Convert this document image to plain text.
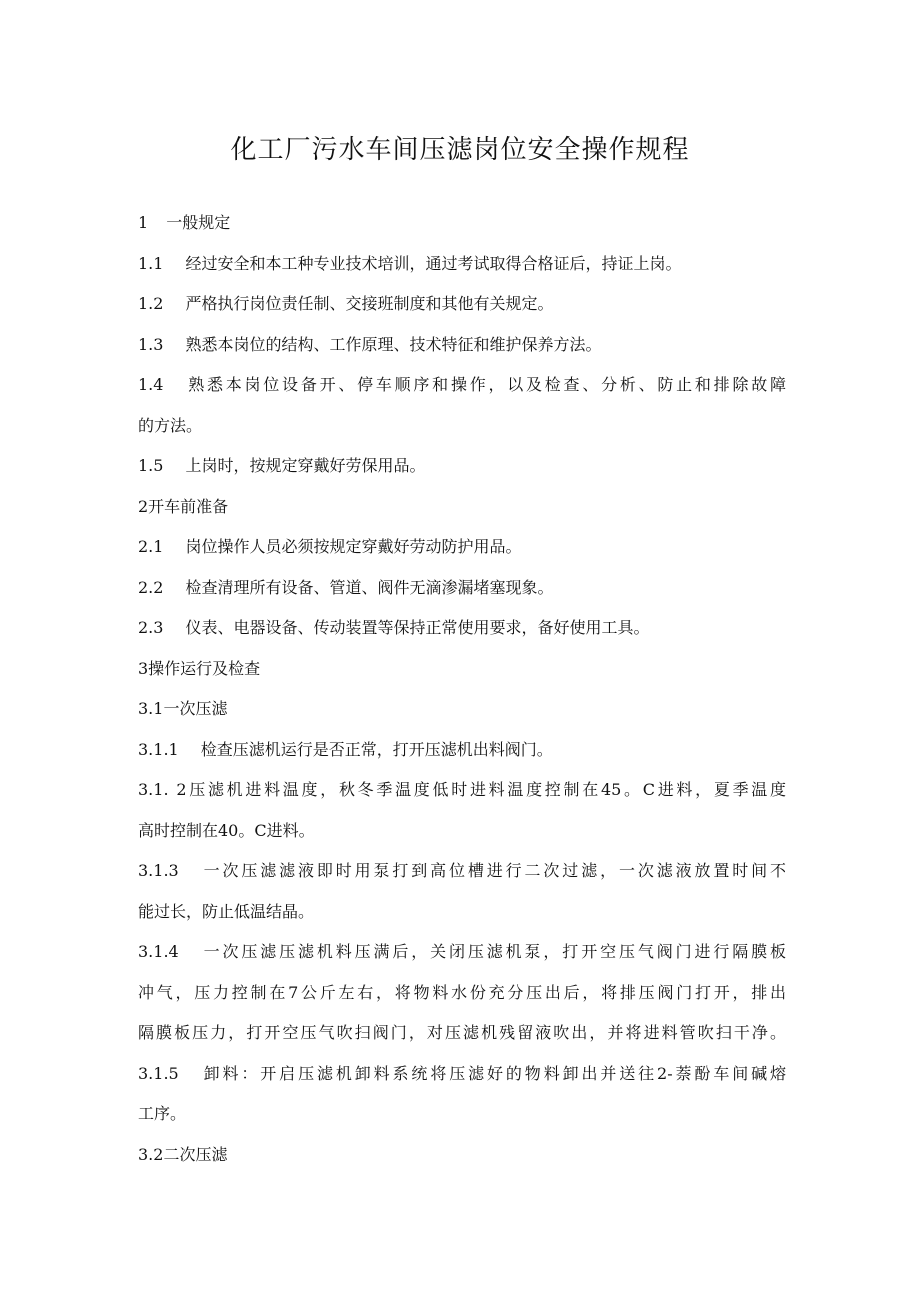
化工厂污水车间压滤岗位安全操作规程
1 一般规定
1.1 经过安全和本工种专业技术培训，通过考试取得合格证后，持证上岗。
1.2 严格执行岗位责任制、交接班制度和其他有关规定。
1.3 熟悉本岗位的结构、工作原理、技术特征和维护保养方法。
1.4 熟悉本岗位设备开、停车顺序和操作，以及检查、分析、防止和排除故障
的方法。
1.5 上岗时，按规定穿戴好劳保用品。
2开车前准备
2.1 岗位操作人员必须按规定穿戴好劳动防护用品。
2.2 检查清理所有设备、管道、阀件无滴渗漏堵塞现象。
2.3 仪表、电器设备、传动装置等保持正常使用要求，备好使用工具。
3操作运行及检查
3.1一次压滤
3.1.1 检查压滤机运行是否正常，打开压滤机出料阀门。
3.1. 2压滤机进料温度，秋冬季温度低时进料温度控制在45。C进料，夏季温度
高时控制在40。C进料。
3.1.3 一次压滤滤液即时用泵打到高位槽进行二次过滤，一次滤液放置时间不
能过长，防止低温结晶。
3.1.4 一次压滤压滤机料压满后，关闭压滤机泵，打开空压气阀门进行隔膜板
冲气，压力控制在7公斤左右，将物料水份充分压出后，将排压阀门打开，排出
隔膜板压力，打开空压气吹扫阀门，对压滤机残留液吹出，并将进料管吹扫干净。
3.1.5 卸料：开启压滤机卸料系统将压滤好的物料卸出并送往2-萘酚车间碱熔
工序。
3.2二次压滤
